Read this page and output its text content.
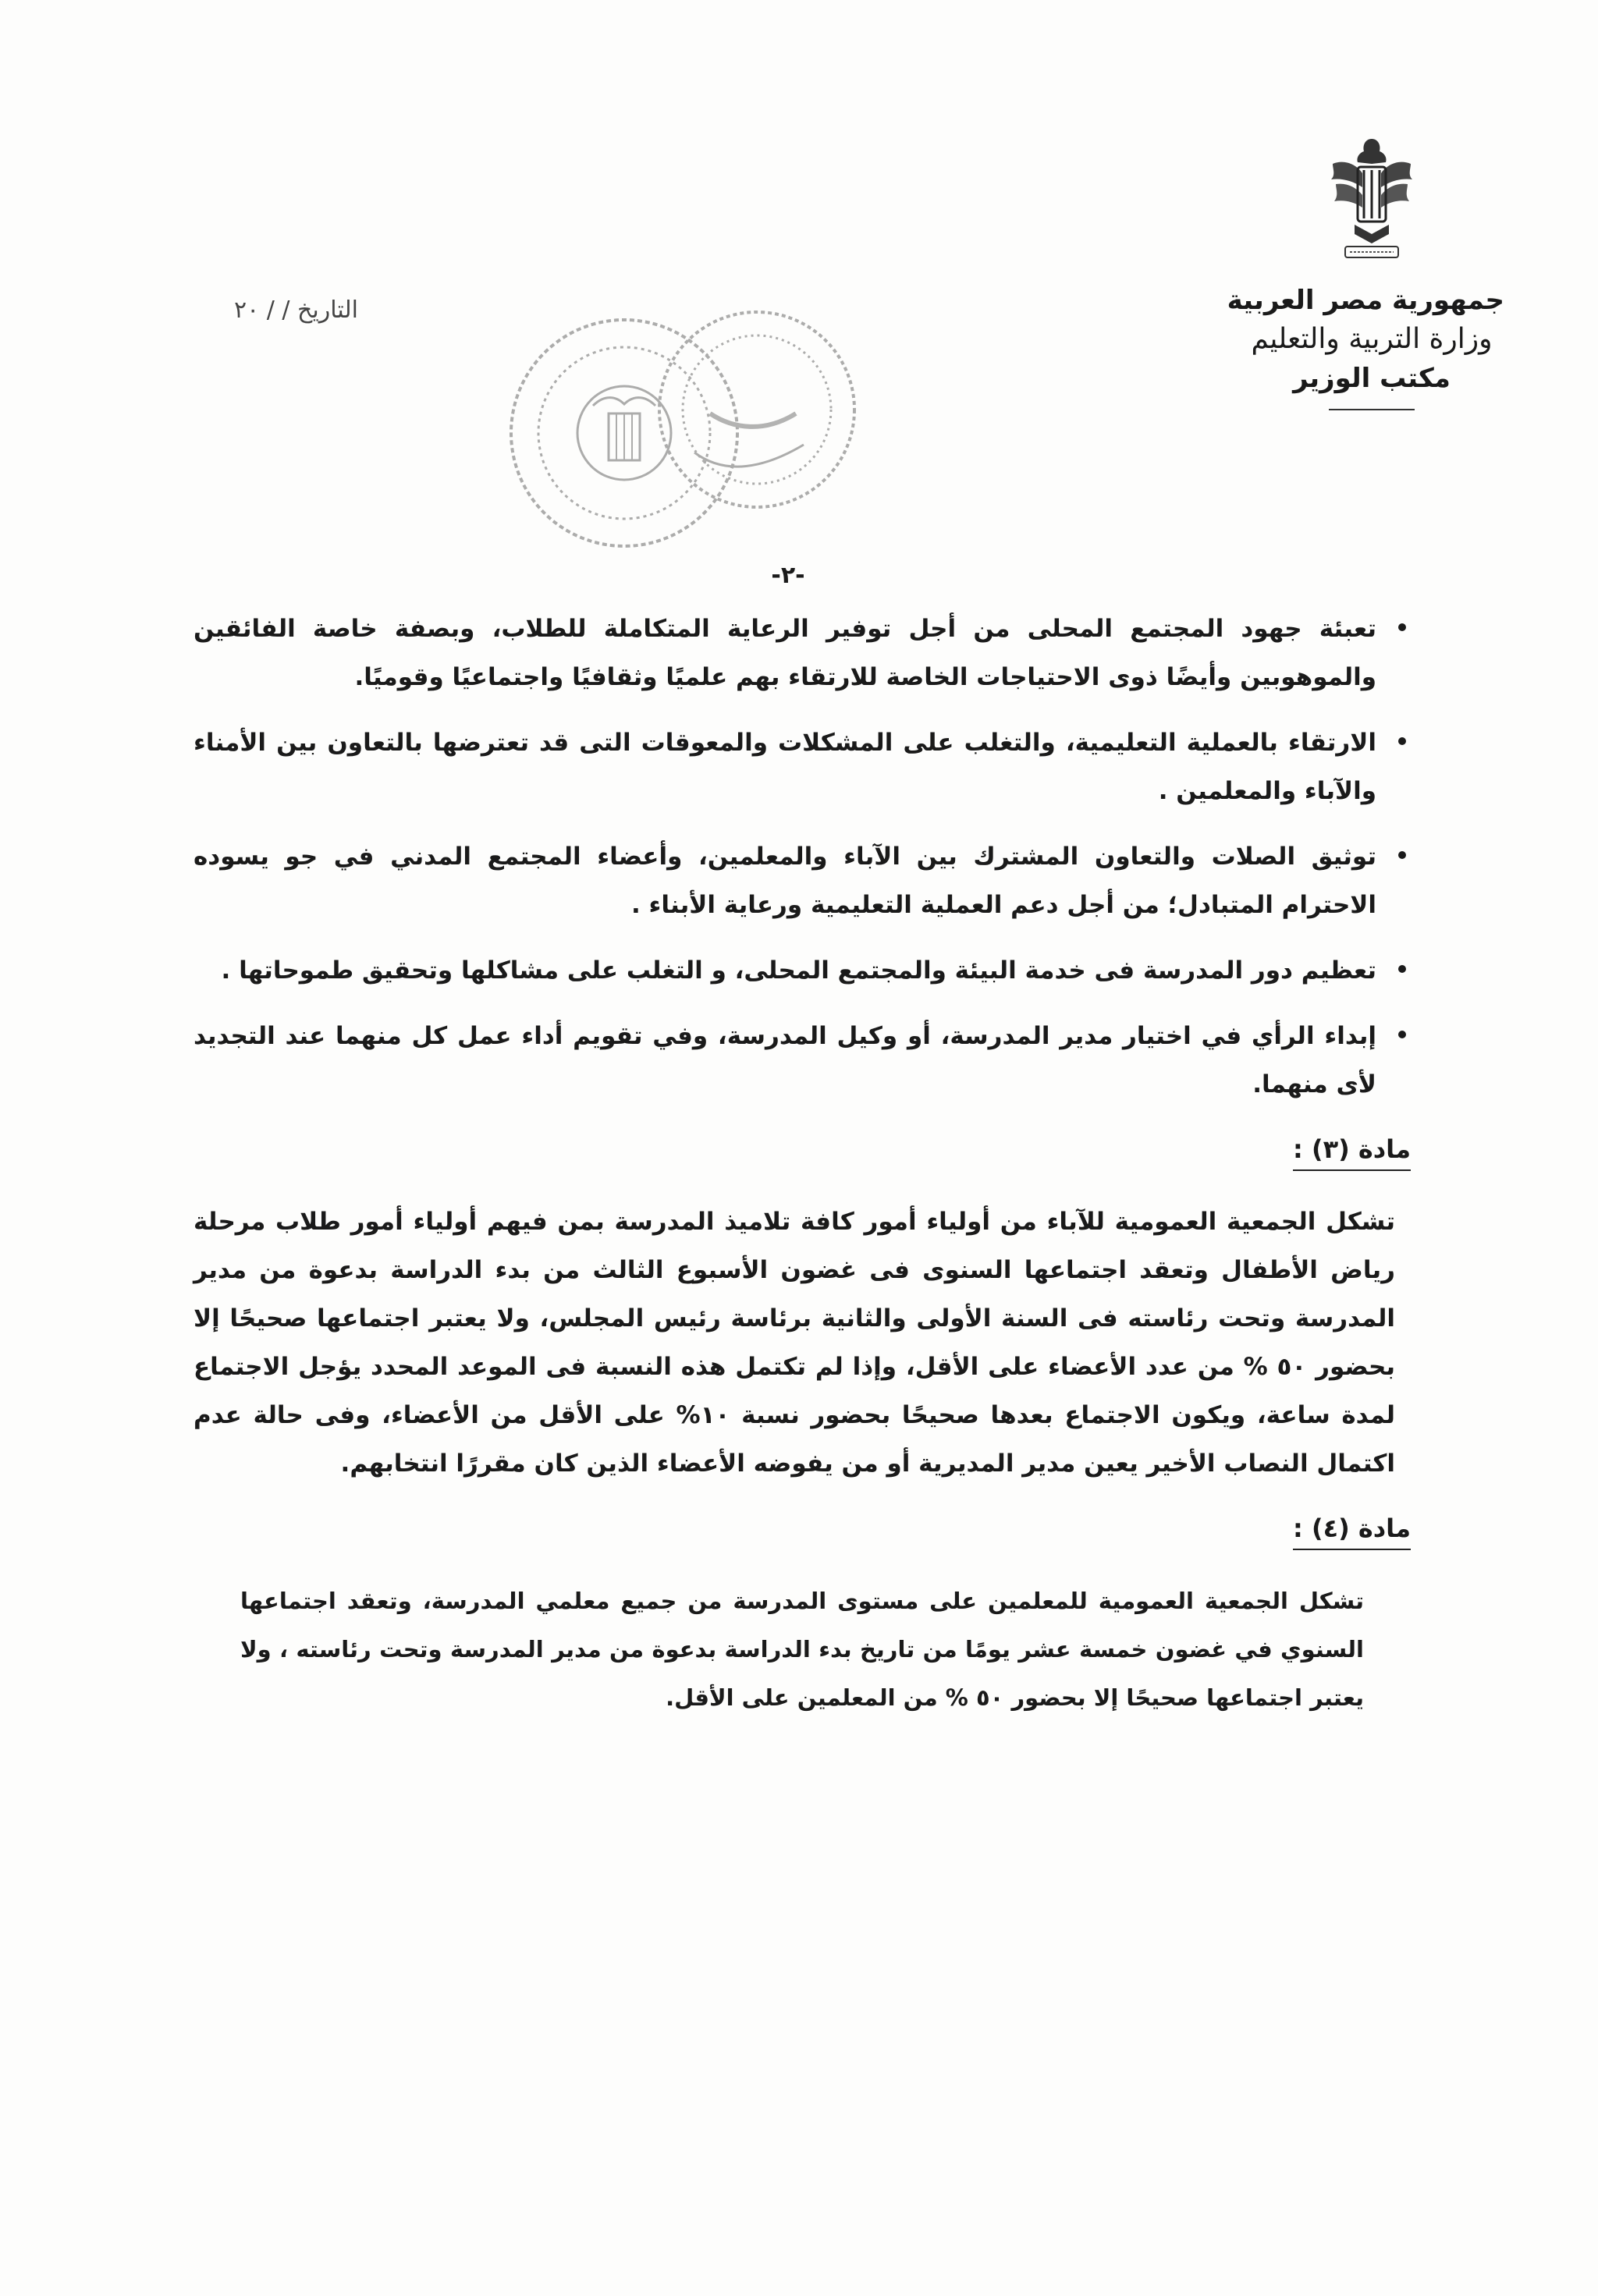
جمهورية مصر العربية
وزارة التربية والتعليم
مكتب الوزير
التاريخ / / ٢٠
-٢-
تعبئة جهود المجتمع المحلى من أجل توفير الرعاية المتكاملة للطلاب، وبصفة خاصة الفائقين والموهوبين وأيضًا ذوى الاحتياجات الخاصة للارتقاء بهم علميًا وثقافيًا واجتماعيًا وقوميًا.
الارتقاء بالعملية التعليمية، والتغلب على المشكلات والمعوقات التى قد تعترضها بالتعاون بين الأمناء والآباء والمعلمين .
توثيق الصلات والتعاون المشترك بين الآباء والمعلمين، وأعضاء المجتمع المدني في جو يسوده الاحترام المتبادل؛ من أجل دعم العملية التعليمية ورعاية الأبناء .
تعظيم دور المدرسة فى خدمة البيئة والمجتمع المحلى، و التغلب على مشاكلها وتحقيق طموحاتها .
إبداء الرأي في اختيار مدير المدرسة، أو وكيل المدرسة، وفي تقويم أداء عمل كل منهما عند التجديد لأى منهما.
مادة (٣) :
تشكل الجمعية العمومية للآباء من أولياء أمور كافة تلاميذ المدرسة بمن فيهم أولياء أمور طلاب مرحلة رياض الأطفال وتعقد اجتماعها السنوى فى غضون الأسبوع الثالث من بدء الدراسة بدعوة من مدير المدرسة وتحت رئاسته فى السنة الأولى والثانية برئاسة رئيس المجلس، ولا يعتبر اجتماعها صحيحًا إلا بحضور ٥٠ % من عدد الأعضاء على الأقل، وإذا لم تكتمل هذه النسبة فى الموعد المحدد يؤجل الاجتماع لمدة ساعة، ويكون الاجتماع بعدها صحيحًا بحضور نسبة ١٠% على الأقل من الأعضاء، وفى حالة عدم اكتمال النصاب الأخير يعين مدير المديرية أو من يفوضه الأعضاء الذين كان مقررًا انتخابهم.
مادة (٤) :
تشكل الجمعية العمومية للمعلمين على مستوى المدرسة من جميع معلمي المدرسة، وتعقد اجتماعها السنوي في غضون خمسة عشر يومًا من تاريخ بدء الدراسة بدعوة من مدير المدرسة وتحت رئاسته ، ولا يعتبر اجتماعها صحيحًا إلا بحضور ٥٠ % من المعلمين على الأقل.
